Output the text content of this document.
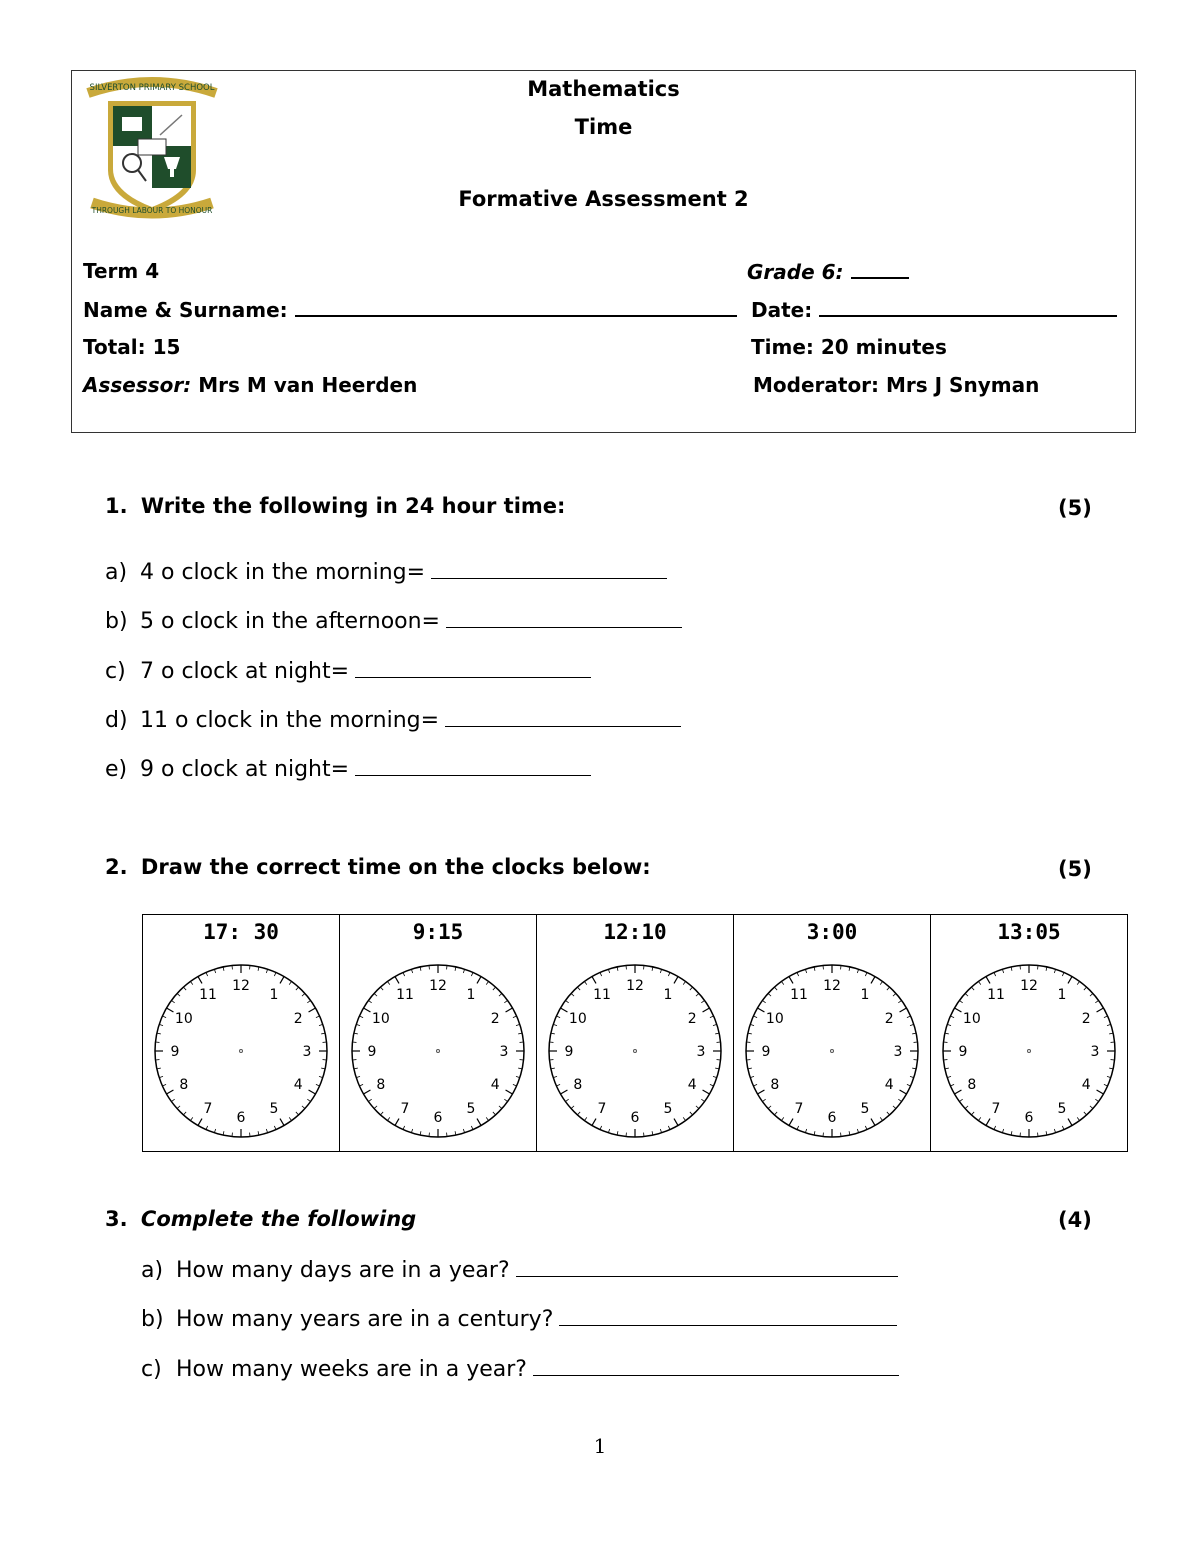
SILVERTON PRIMARY SCHOOL
THROUGH LABOUR TO HONOUR
Mathematics
Time
Formative Assessment 2
Term 4	Grade 6:
Name & Surname:	Date:
Total: 15	Time: 20 minutes
Assessor: Mrs M van Heerden	Moderator: Mrs J Snyman
1. Write the following in 24 hour time:	(5)
a) 4 o clock in the morning=
b) 5 o clock in the afternoon=
c) 7 o clock at night=
d) 11 o clock in the morning=
e) 9 o clock at night=
2. Draw the correct time on the clocks below:	(5)
17: 30
12
1
2
3
4
5
6
7
8
9
10
11
9:15
12
1
2
3
4
5
6
7
8
9
10
11
12:10
12
1
2
3
4
5
6
7
8
9
10
11
3:00
12
1
2
3
4
5
6
7
8
9
10
11
13:05
12
1
2
3
4
5
6
7
8
9
10
11
3. Complete the following	(4)
a) How many days are in a year?
b) How many years are in a century?
c) How many weeks are in a year?
1
